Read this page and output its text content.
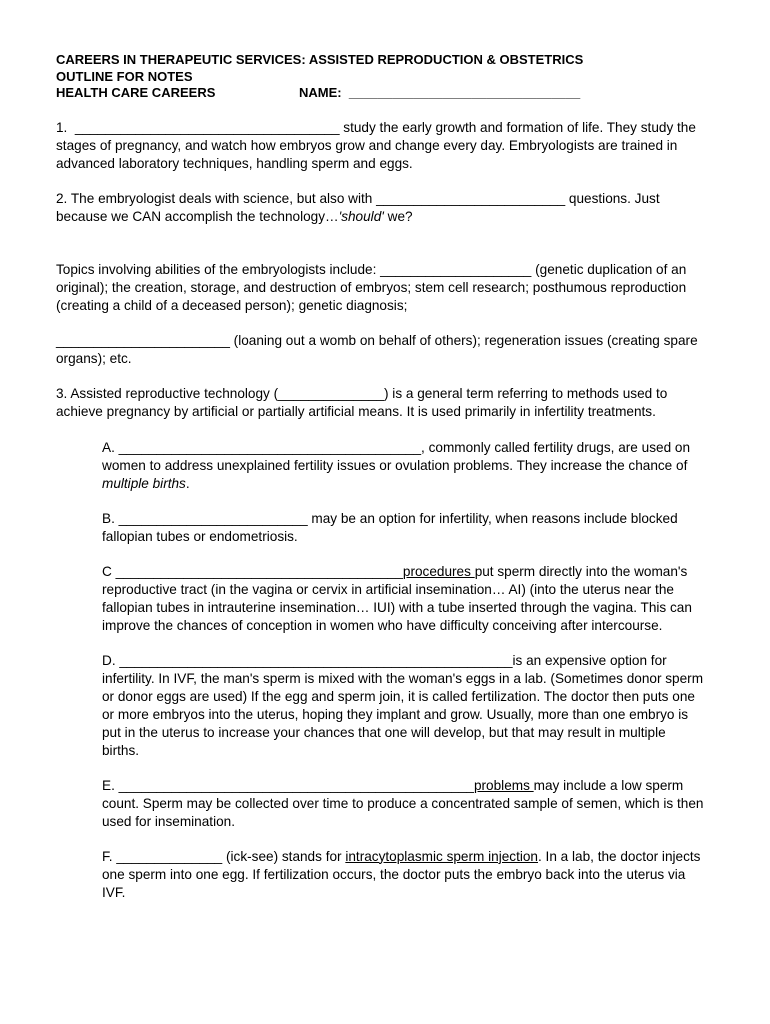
CAREERS IN THERAPEUTIC SERVICES: ASSISTED REPRODUCTION & OBSTETRICS
OUTLINE FOR NOTES
HEALTH CARE CAREERS	NAME:
________________________________

1. ___________________________________ study the early growth and formation of life. They study the stages of pregnancy, and watch how embryos grow and change every day. Embryologists are trained in advanced laboratory techniques, handling sperm and eggs.

2. The embryologist deals with science, but also with _________________________ questions. Just because we CAN accomplish the technology…'should' we?

Topics involving abilities of the embryologists include: ____________________ (genetic duplication of an original); the creation, storage, and destruction of embryos; stem cell research; posthumous reproduction (creating a child of a deceased person); genetic diagnosis;

_______________________ (loaning out a womb on behalf of others); regeneration issues (creating spare organs); etc.

3. Assisted reproductive technology (______________) is a general term referring to methods used to achieve pregnancy by artificial or partially artificial means. It is used primarily in infertility treatments.

A. ________________________________________, commonly called fertility drugs, are used on women to address unexplained fertility issues or ovulation problems. They increase the chance of multiple births.

B. _________________________ may be an option for infertility, when reasons include blocked fallopian tubes or endometriosis.

C ______________________________________procedures put sperm directly into the woman's reproductive tract (in the vagina or cervix in artificial insemination… AI) (into the uterus near the fallopian tubes in intrauterine insemination… IUI) with a tube inserted through the vagina. This can improve the chances of conception in women who have difficulty conceiving after intercourse.

D. ____________________________________________________is an expensive option for infertility. In IVF, the man's sperm is mixed with the woman's eggs in a lab. (Sometimes donor sperm or donor eggs are used) If the egg and sperm join, it is called fertilization. The doctor then puts one or more embryos into the uterus, hoping they implant and grow. Usually, more than one embryo is put in the uterus to increase your chances that one will develop, but that may result in multiple births.

E. _______________________________________________problems may include a low sperm count. Sperm may be collected over time to produce a concentrated sample of semen, which is then used for insemination.

F. ______________ (ick-see) stands for intracytoplasmic sperm injection. In a lab, the doctor injects one sperm into one egg. If fertilization occurs, the doctor puts the embryo back into the uterus via IVF.
